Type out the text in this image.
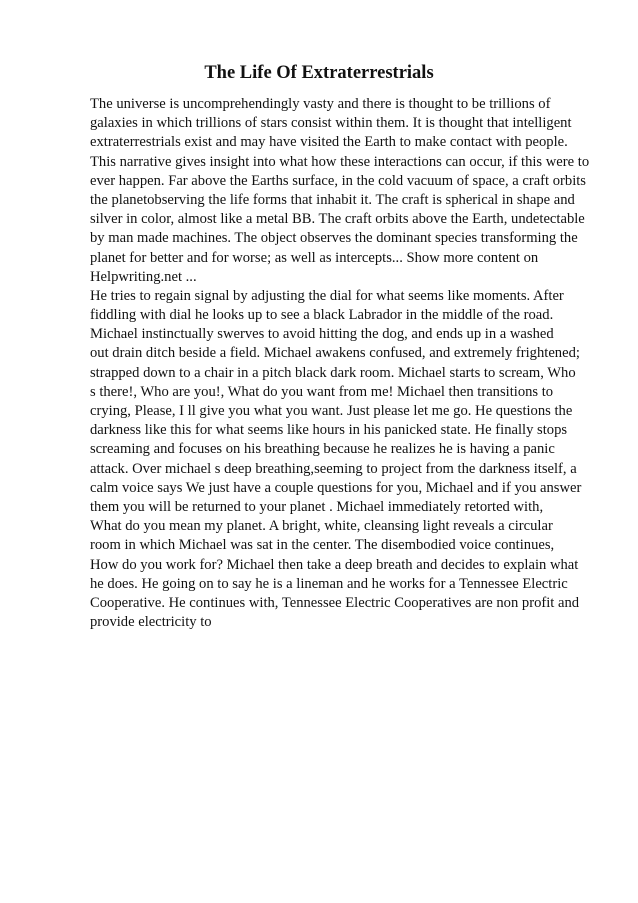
The Life Of Extraterrestrials
The universe is uncomprehendingly vasty and there is thought to be trillions of
galaxies in which trillions of stars consist within them. It is thought that intelligent
extraterrestrials exist and may have visited the Earth to make contact with people.
This narrative gives insight into what how these interactions can occur, if this were to
ever happen. Far above the Earths surface, in the cold vacuum of space, a craft orbits
the planetobserving the life forms that inhabit it. The craft is spherical in shape and
silver in color, almost like a metal BB. The craft orbits above the Earth, undetectable
by man made machines. The object observes the dominant species transforming the
planet for better and for worse; as well as intercepts... Show more content on
Helpwriting.net ...
He tries to regain signal by adjusting the dial for what seems like moments. After
fiddling with dial he looks up to see a black Labrador in the middle of the road.
Michael instinctually swerves to avoid hitting the dog, and ends up in a washed
out drain ditch beside a field. Michael awakens confused, and extremely frightened;
strapped down to a chair in a pitch black dark room. Michael starts to scream, Who
s there!, Who are you!, What do you want from me! Michael then transitions to
crying, Please, I ll give you what you want. Just please let me go. He questions the
darkness like this for what seems like hours in his panicked state. He finally stops
screaming and focuses on his breathing because he realizes he is having a panic
attack. Over michael s deep breathing,seeming to project from the darkness itself, a
calm voice says We just have a couple questions for you, Michael and if you answer
them you will be returned to your planet . Michael immediately retorted with,
What do you mean my planet. A bright, white, cleansing light reveals a circular
room in which Michael was sat in the center. The disembodied voice continues,
How do you work for? Michael then take a deep breath and decides to explain what
he does. He going on to say he is a lineman and he works for a Tennessee Electric
Cooperative. He continues with, Tennessee Electric Cooperatives are non profit and
provide electricity to
